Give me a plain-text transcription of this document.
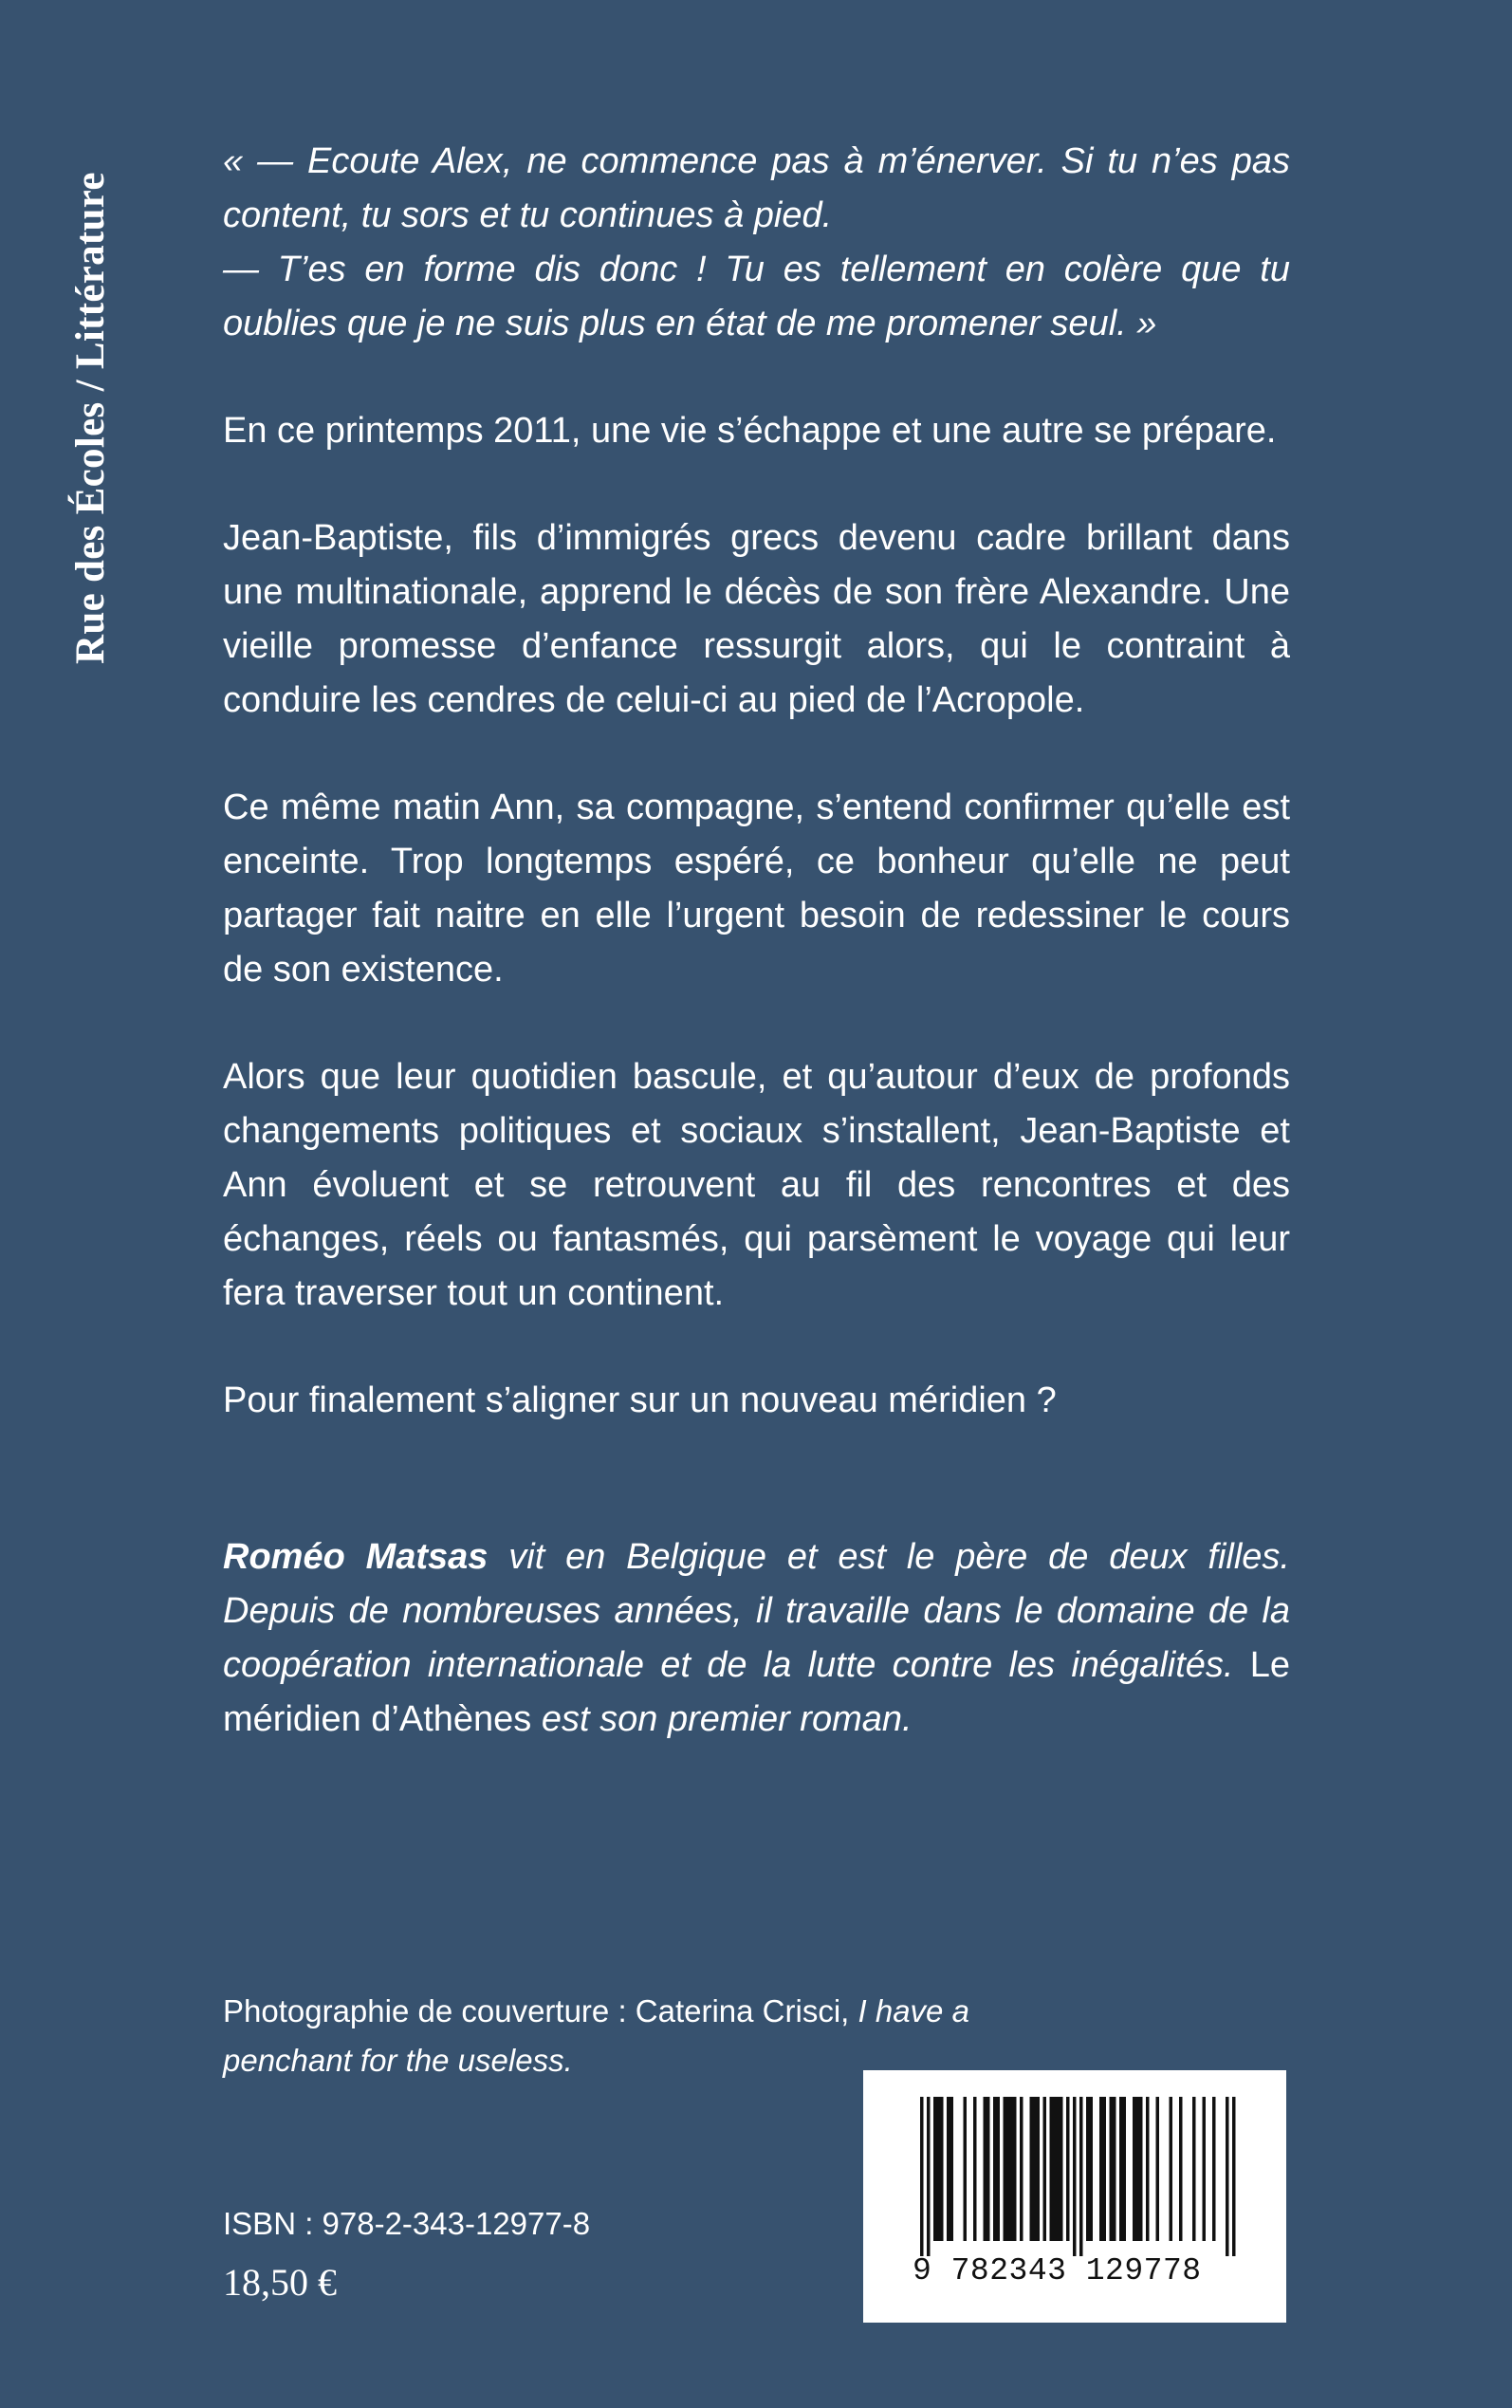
Rue des Écoles / Littérature
« — Ecoute Alex, ne commence pas à m’énerver. Si tu n’es pas content, tu sors et tu continues à pied.
— T’es en forme dis donc ! Tu es tellement en colère que tu oublies que je ne suis plus en état de me promener seul. »
En ce printemps 2011, une vie s’échappe et une autre se prépare.
Jean-Baptiste, fils d’immigrés grecs devenu cadre brillant dans une multinationale, apprend le décès de son frère Alexandre. Une vieille promesse d’enfance ressurgit alors, qui le contraint à conduire les cendres de celui-ci au pied de l’Acropole.
Ce même matin Ann, sa compagne, s’entend confirmer qu’elle est enceinte. Trop longtemps espéré, ce bonheur qu’elle ne peut partager fait naitre en elle l’urgent besoin de redessiner le cours de son existence.
Alors que leur quotidien bascule, et qu’autour d’eux de profonds changements politiques et sociaux s’installent, Jean-Baptiste et Ann évoluent et se retrouvent au fil des rencontres et des échanges, réels ou fantasmés, qui parsèment le voyage qui leur fera traverser tout un continent.
Pour finalement s’aligner sur un nouveau méridien ?
Roméo Matsas vit en Belgique et est le père de deux filles. Depuis de nombreuses années, il travaille dans le domaine de la coopération internationale et de la lutte contre les inégalités. Le méridien d’Athènes est son premier roman.
Photographie de couverture : Caterina Crisci, I have a penchant for the useless.
ISBN : 978-2-343-12977-8
18,50 €	9 782343 129778
